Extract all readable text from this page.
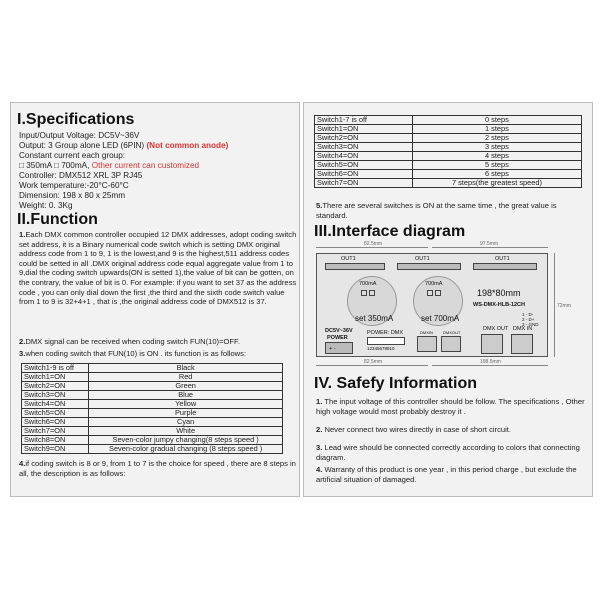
I.Specifications
Input/Output Voltage: DC5V~36V
Output: 3 Group alone LED (6PIN) (Not common anode)
Constant current each group:
□ 350mA □ 700mA, Other current can customized
Controller: DMX512 XRL 3P RJ45
Work temperature:-20°C-60°C
Dimension: 198 x 80 x 25mm
Weight: 0. 3Kg
II.Function
1.Each DMX common controller occupied 12 DMX addresses, adopt coding switch set address, it is a Binary numerical code switch which is setting DMX original address code from 1 to 9, 1 is the lowest,and 9 is the highest,511 address codes could be setted in all .DMX original address code equal aggregate value from 1 to 9,dial the coding switch upwards(ON is setted 1),the value of bit can be gotten, on the contrary, the value of bit is 0. For example: if you want to set 37 as the address code , you can only dial down the first ,the third and the sixth code switch value from 1 to 9 is 32+4+1 , that is ,the original address code of DMX512 is 37.
2.DMX signal can be received when coding switch FUN(10)=OFF.
3.when coding switch that FUN(10) is ON . its function is as follows:
Switch1-9 is off	Black
Switch1=ON	Red
Switch2=ON	Green
Switch3=ON	Blue
Switch4=ON	Yellow
Switch5=ON	Purple
Switch6=ON	Cyan
Switch7=ON	White
Switch8=ON	Seven-color jumpy changing(8 steps speed )
Switch9=ON	Seven-color gradual changing (8 steps speed )
4.if coding switch is 8 or 9, from 1 to 7 is the choice for speed , there are 8 steps in all, the description is as follows:
Switch1-7 is off	0 steps
Switch1=ON	1 steps
Switch2=ON	2 steps
Switch3=ON	3 steps
Switch4=ON	4 steps
Switch5=ON	5 steps
Switch6=ON	6 steps
Switch7=ON	7 steps(the greatest speed)
5.There are several switches is ON at the same time , the great value is standard.
III.Interface diagram
82.5mm	97.5mm
72mm
82.5mm	198.5mm
OUT1	OUT1	OUT1
700mA	700mA
set 350mA	set 700mA
198*80mm
WS-DMX-HLB-12CH
1 - D-
2 - D+
3 - GND
DC5V~36V
POWER
+ -
POWER: DMX
12345678910
DMXIN	DMXOUT
DMX OUT DMX IN
IV. Safefy Information
1. The input voltage of this controller should be follow. The specifications , Other high voltage would most probably destroy it .
2. Never connect two wires directly in case of short circuit.
3. Lead wire should be connected correctly according to colors that connecting diagram.
4. Warranty of this product is one year , in this period charge , but exclude the artificial situation of damaged.
